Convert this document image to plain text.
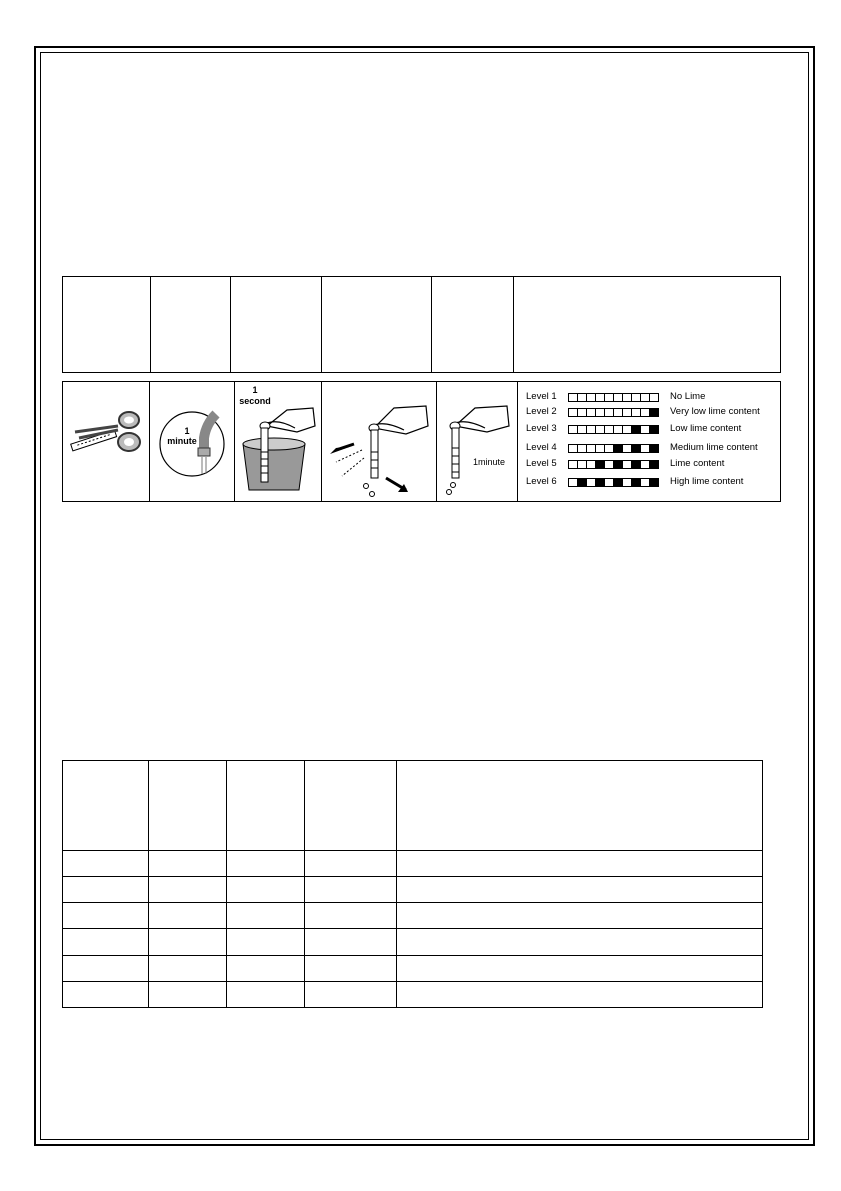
1
minute
1
second
1minute
Level 1	No Lime
Level 2	Very low lime content
Level 3	Low lime content
Level 4	Medium lime content
Level 5	Lime content
Level 6	High lime content
